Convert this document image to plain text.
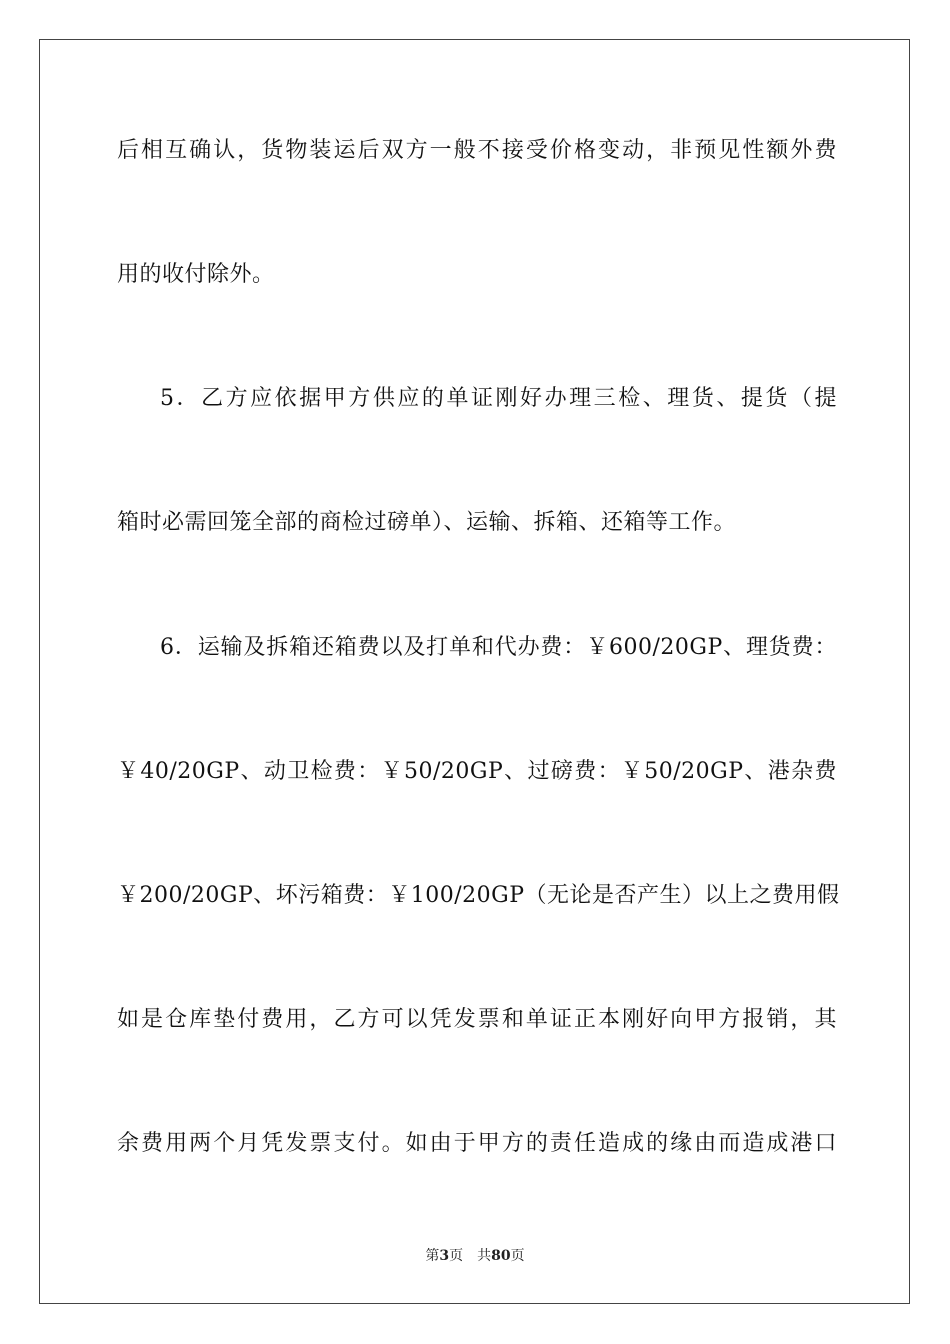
后相互确认，货物装运后双方一般不接受价格变动，非预见性额外费
用的收付除外。
5．乙方应依据甲方供应的单证刚好办理三检、理货、提货（提
箱时必需回笼全部的商检过磅单）、运输、拆箱、还箱等工作。
6．运输及拆箱还箱费以及打单和代办费：￥600/20GP、理货费：
￥40/20GP、动卫检费：￥50/20GP、过磅费：￥50/20GP、港杂费
￥200/20GP、坏污箱费：￥100/20GP（无论是否产生）以上之费用假
如是仓库垫付费用，乙方可以凭发票和单证正本刚好向甲方报销，其
余费用两个月凭发票支付。如由于甲方的责任造成的缘由而造成港口
第3页 共80页
